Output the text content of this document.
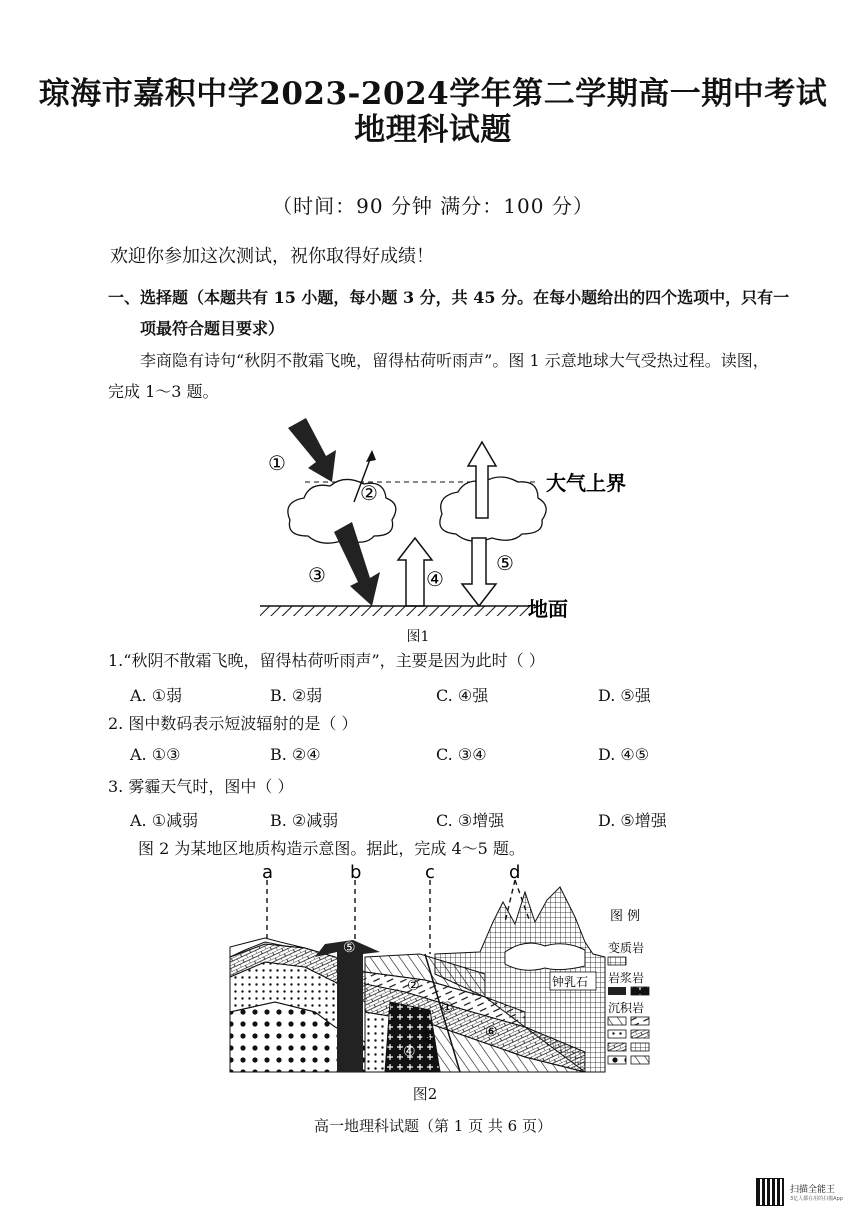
琼海市嘉积中学2023-2024学年第二学期高一期中考试
地理科试题
（时间：90 分钟 满分：100 分）
欢迎你参加这次测试，祝你取得好成绩！
一、选择题（本题共有 15 小题，每小题 3 分，共 45 分。在每小题给出的四个选项中，只有一
项最符合题目要求）
李商隐有诗句“秋阴不散霜飞晚，留得枯荷听雨声”。图 1 示意地球大气受热过程。读图，
完成 1～3 题。
①
②
③	④
⑤
大气上界
地面
图1
1.“秋阴不散霜飞晚，留得枯荷听雨声”，主要是因为此时（ ）
A. ①弱	B. ②弱	C. ④强	D. ⑤强
2. 图中数码表示短波辐射的是（ ）
A. ①③	B. ②④	C. ③④	D. ④⑤
3. 雾霾天气时，图中（ ）
A. ①减弱	B. ②减弱	C. ③增强	D. ⑤增强
图 2 为某地区地质构造示意图。据此，完成 4～5 题。
a	b	c	d
①
②
③
④
⑤
⑥
钟乳石
图 例
变质岩
岩浆岩
沉积岩
图2
高一地理科试题（第 1 页 共 6 页）
扫描全能王
3亿人都在用的扫描App
